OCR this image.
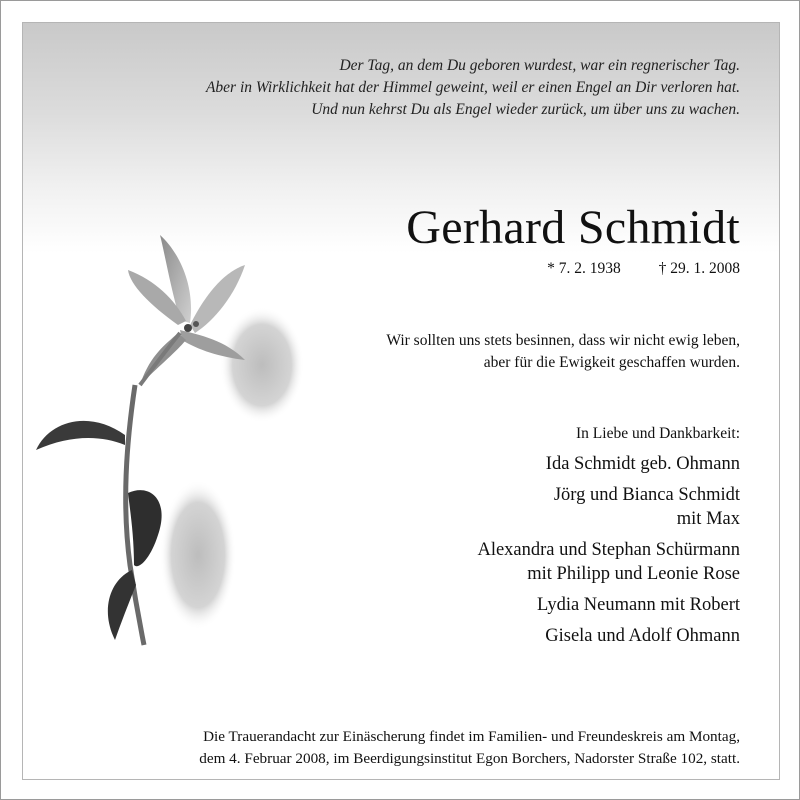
Der Tag, an dem Du geboren wurdest, war ein regnerischer Tag.
Aber in Wirklichkeit hat der Himmel geweint, weil er einen Engel an Dir verloren hat.
Und nun kehrst Du als Engel wieder zurück, um über uns zu wachen.
Gerhard Schmidt
* 7. 2. 1938 † 29. 1. 2008
Wir sollten uns stets besinnen, dass wir nicht ewig leben,
aber für die Ewigkeit geschaffen wurden.
In Liebe und Dankbarkeit:
Ida Schmidt geb. Ohmann
Jörg und Bianca Schmidt
mit Max
Alexandra und Stephan Schürmann
mit Philipp und Leonie Rose
Lydia Neumann mit Robert
Gisela und Adolf Ohmann
Die Trauerandacht zur Einäscherung findet im Familien- und Freundeskreis am Montag,
dem 4. Februar 2008, im Beerdigungsinstitut Egon Borchers, Nadorster Straße 102, statt.
